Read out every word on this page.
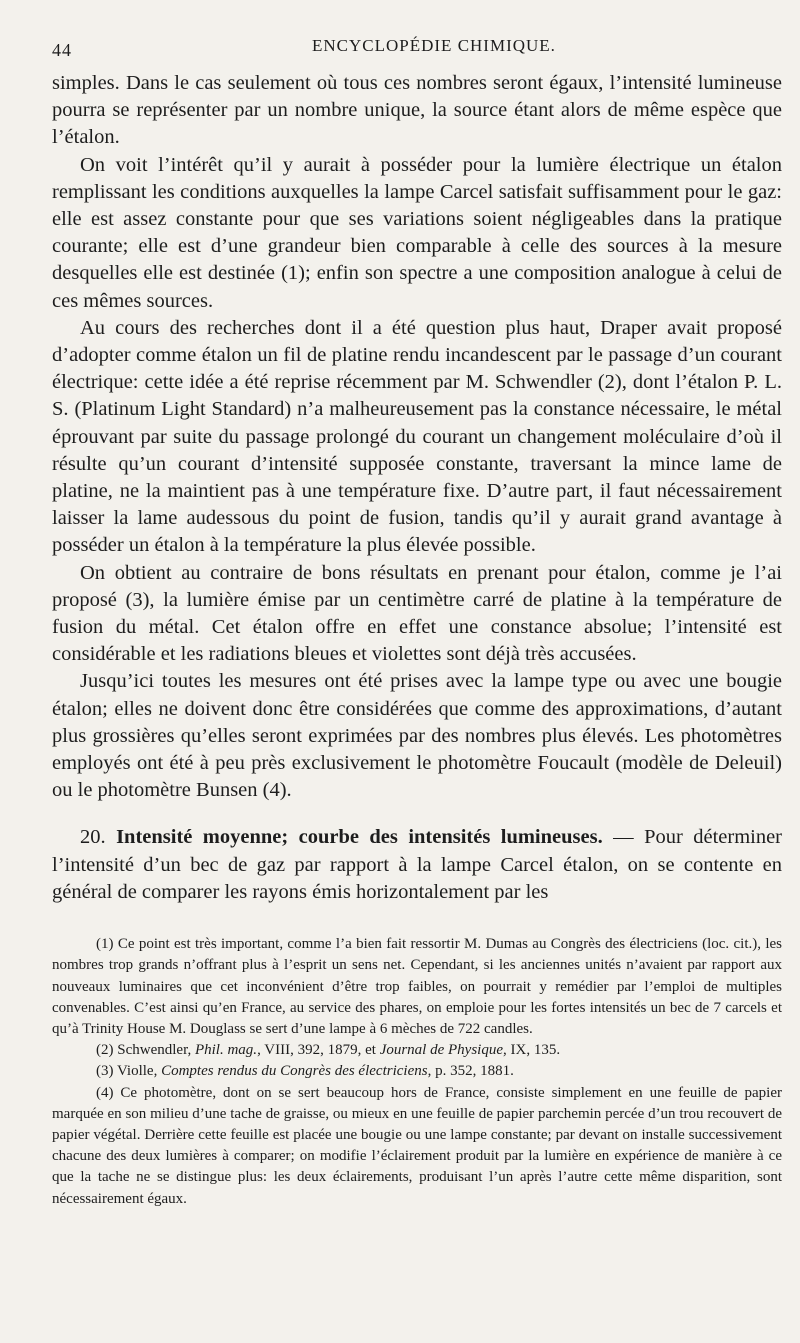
44	ENCYCLOPÉDIE CHIMIQUE.

simples. Dans le cas seulement où tous ces nombres seront égaux, l’intensité lumineuse pourra se représenter par un nombre unique, la source étant alors de même espèce que l’étalon.

On voit l’intérêt qu’il y aurait à posséder pour la lumière électrique un étalon remplissant les conditions auxquelles la lampe Carcel satisfait suffisamment pour le gaz: elle est assez constante pour que ses variations soient négligeables dans la pratique courante; elle est d’une grandeur bien comparable à celle des sources à la mesure desquelles elle est destinée (1); enfin son spectre a une composition analogue à celui de ces mêmes sources.

Au cours des recherches dont il a été question plus haut, Draper avait proposé d’adopter comme étalon un fil de platine rendu incandescent par le passage d’un courant électrique: cette idée a été reprise récemment par M. Schwendler (2), dont l’étalon P. L. S. (Platinum Light Standard) n’a malheureusement pas la constance nécessaire, le métal éprouvant par suite du passage prolongé du courant un changement moléculaire d’où il résulte qu’un courant d’intensité supposée constante, traversant la mince lame de platine, ne la maintient pas à une température fixe. D’autre part, il faut nécessairement laisser la lame audessous du point de fusion, tandis qu’il y aurait grand avantage à posséder un étalon à la température la plus élevée possible.

On obtient au contraire de bons résultats en prenant pour étalon, comme je l’ai proposé (3), la lumière émise par un centimètre carré de platine à la température de fusion du métal. Cet étalon offre en effet une constance absolue; l’intensité est considérable et les radiations bleues et violettes sont déjà très accusées.

Jusqu’ici toutes les mesures ont été prises avec la lampe type ou avec une bougie étalon; elles ne doivent donc être considérées que comme des approximations, d’autant plus grossières qu’elles seront exprimées par des nombres plus élevés. Les photomètres employés ont été à peu près exclusivement le photomètre Foucault (modèle de Deleuil) ou le photomètre Bunsen (4).

20. Intensité moyenne; courbe des intensités lumineuses. — Pour déterminer l’intensité d’un bec de gaz par rapport à la lampe Carcel étalon, on se contente en général de comparer les rayons émis horizontalement par les

(1) Ce point est très important, comme l’a bien fait ressortir M. Dumas au Congrès des électriciens (loc. cit.), les nombres trop grands n’offrant plus à l’esprit un sens net. Cependant, si les anciennes unités n’avaient par rapport aux nouveaux luminaires que cet inconvénient d’être trop faibles, on pourrait y remédier par l’emploi de multiples convenables. C’est ainsi qu’en France, au service des phares, on emploie pour les fortes intensités un bec de 7 carcels et qu’à Trinity House M. Douglass se sert d’une lampe à 6 mèches de 722 candles.

(2) Schwendler, Phil. mag., VIII, 392, 1879, et Journal de Physique, IX, 135.

(3) Violle, Comptes rendus du Congrès des électriciens, p. 352, 1881.

(4) Ce photomètre, dont on se sert beaucoup hors de France, consiste simplement en une feuille de papier marquée en son milieu d’une tache de graisse, ou mieux en une feuille de papier parchemin percée d’un trou recouvert de papier végétal. Derrière cette feuille est placée une bougie ou une lampe constante; par devant on installe successivement chacune des deux lumières à comparer; on modifie l’éclairement produit par la lumière en expérience de manière à ce que la tache ne se distingue plus: les deux éclairements, produisant l’un après l’autre cette même disparition, sont nécessairement égaux.
